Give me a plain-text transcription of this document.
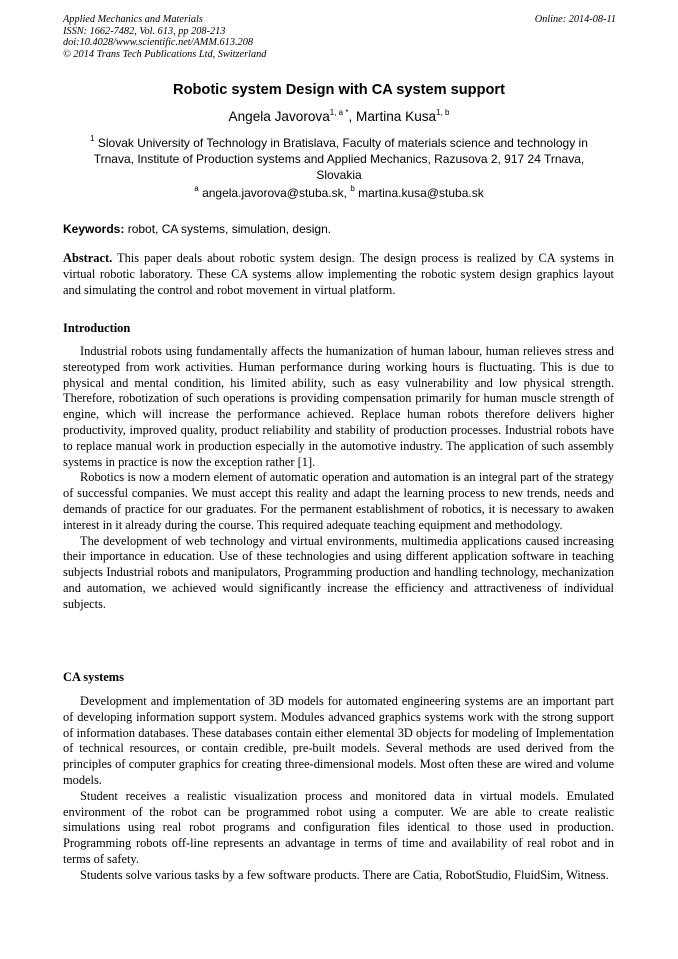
Applied Mechanics and Materials
ISSN: 1662-7482, Vol. 613, pp 208-213
doi:10.4028/www.scientific.net/AMM.613.208
© 2014 Trans Tech Publications Ltd, Switzerland
Online: 2014-08-11
Robotic system Design with CA system support
Angela Javorova$^{1, a *}$, Martina Kusa$^{1, b}$
$^1$ Slovak University of Technology in Bratislava, Faculty of materials science and technology in Trnava, Institute of Production systems and Applied Mechanics, Razusova 2, 917 24 Trnava, Slovakia
$^a$ angela.javorova@stuba.sk, $^b$ martina.kusa@stuba.sk
Keywords: robot, CA systems, simulation, design.

Abstract. This paper deals about robotic system design. The design process is realized by CA systems in virtual robotic laboratory. These CA systems allow implementing the robotic system design graphics layout and simulating the control and robot movement in virtual platform.

Introduction

Industrial robots using fundamentally affects the humanization of human labour, human relieves stress and stereotyped from work activities. Human performance during working hours is fluctuating. This is due to physical and mental condition, his limited ability, such as easy vulnerability and low physical strength. Therefore, robotization of such operations is providing compensation primarily for human muscle strength of engine, which will increase the performance achieved. Replace human robots therefore delivers higher productivity, improved quality, product reliability and stability of production processes. Industrial robots have to replace manual work in production especially in the automotive industry. The application of such assembly systems in practice is now the exception rather [1].

Robotics is now a modern element of automatic operation and automation is an integral part of the strategy of successful companies. We must accept this reality and adapt the learning process to new trends, needs and demands of practice for our graduates. For the permanent establishment of robotics, it is necessary to awaken interest in it already during the course. This required adequate teaching equipment and methodology.

The development of web technology and virtual environments, multimedia applications caused increasing their importance in education. Use of these technologies and using different application software in teaching subjects Industrial robots and manipulators, Programming production and handling technology, mechanization and automation, we achieved would significantly increase the efficiency and attractiveness of individual subjects.

CA systems

Development and implementation of 3D models for automated engineering systems are an important part of developing information support system. Modules advanced graphics systems work with the strong support of information databases. These databases contain either elemental 3D objects for modeling of Implementation of technical resources, or contain credible, pre-built models. Several methods are used derived from the principles of computer graphics for creating three-dimensional models. Most often these are wired and volume models.

Student receives a realistic visualization process and monitored data in virtual models. Emulated environment of the robot can be programmed robot using a computer. We are able to create realistic simulations using real robot programs and configuration files identical to those used in production. Programming robots off-line represents an advantage in terms of time and availability of real robot and in terms of safety.

Students solve various tasks by a few software products. There are Catia, RobotStudio, FluidSim, Witness.
